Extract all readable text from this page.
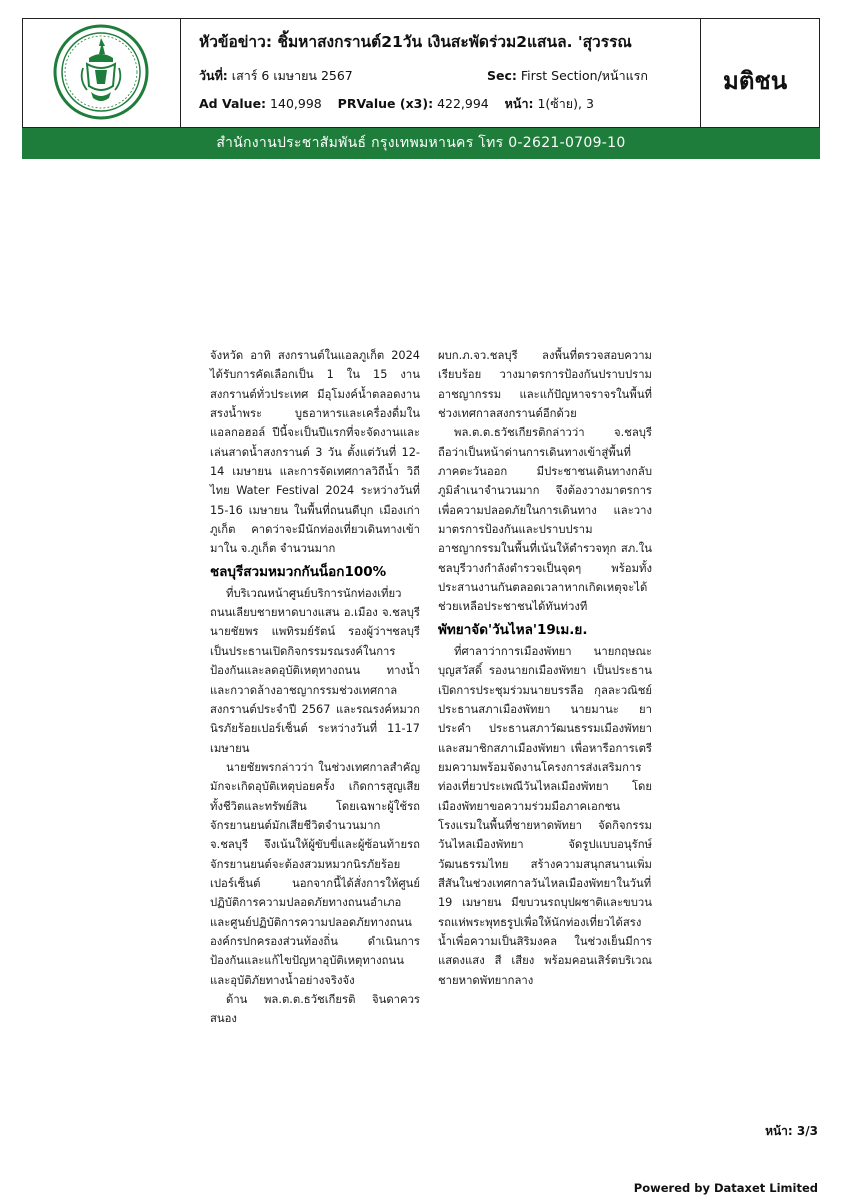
หัวข้อข่าว: ชิ้มหาสงกรานต์21วัน เงินสะพัดร่วม2แสนล. 'สุวรรณ
วันที่: เสาร์ 6 เมษายน 2567	Sec: First Section/หน้าแรก
Ad Value: 140,998 PRValue (x3): 422,994 หน้า: 1(ซ้าย), 3
มติชน
สำนักงานประชาสัมพันธ์ กรุงเทพมหานคร โทร 0-2621-0709-10

จังหวัด อาทิ สงกรานต์ในแอลภูเก็ต 2024 ได้รับการคัดเลือกเป็น 1 ใน 15 งานสงกรานต์ทั่วประเทศ มีอุโมงค์น้ำตลอดงาน สรงน้ำพระ บูธอาหารและเครื่องดื่มในแอลกอฮอล์ ปีนี้จะเป็นปีแรกที่จะจัดงานและเล่นสาดน้ำสงกรานต์ 3 วัน ตั้งแต่วันที่ 12-14 เมษายน และการจัดเทศกาลวิถีน้ำ วิถีไทย Water Festival 2024 ระหว่างวันที่ 15-16 เมษายน ในพื้นที่ถนนดีบุก เมืองเก่าภูเก็ต คาดว่าจะมีนักท่องเที่ยวเดินทางเข้ามาใน จ.ภูเก็ต จำนวนมาก

ชลบุรีสวมหมวกกันน็อก100%

ที่บริเวณหน้าศูนย์บริการนักท่องเที่ยว ถนนเลียบชายหาดบางแสน อ.เมือง จ.ชลบุรี นายชัยพร แพทิรมย์รัตน์ รองผู้ว่าฯชลบุรี เป็นประธานเปิดกิจกรรมรณรงค์ในการป้องกันและลดอุบัติเหตุทางถนน ทางน้ำ และกวาดล้างอาชญากรรมช่วงเทศกาลสงกรานต์ประจำปี 2567 และรณรงค์หมวกนิรภัยร้อยเปอร์เซ็นต์ ระหว่างวันที่ 11-17 เมษายน

นายชัยพรกล่าวว่า ในช่วงเทศกาลสำคัญมักจะเกิดอุบัติเหตุบ่อยครั้ง เกิดการสูญเสียทั้งชีวิตและทรัพย์สิน โดยเฉพาะผู้ใช้รถจักรยานยนต์มักเสียชีวิตจำนวนมาก จ.ชลบุรี จึงเน้นให้ผู้ขับขี่และผู้ซ้อนท้ายรถจักรยานยนต์จะต้องสวมหมวกนิรภัยร้อยเปอร์เซ็นต์ นอกจากนี้ได้สั่งการให้ศูนย์ปฏิบัติการความปลอดภัยทางถนนอำเภอ และศูนย์ปฏิบัติการความปลอดภัยทางถนนองค์กรปกครองส่วนท้องถิ่น ดำเนินการป้องกันและแก้ไขปัญหาอุบัติเหตุทางถนนและอุบัติภัยทางน้ำอย่างจริงจัง

ด้าน พล.ต.ต.ธวัชเกียรติ จินดาควรสนอง

ผบก.ภ.จว.ชลบุรี ลงพื้นที่ตรวจสอบความเรียบร้อย วางมาตรการป้องกันปราบปรามอาชญากรรม และแก้ปัญหาจราจรในพื้นที่ช่วงเทศกาลสงกรานต์อีกด้วย

พล.ต.ต.ธวัชเกียรติกล่าวว่า จ.ชลบุรี ถือว่าเป็นหน้าด่านการเดินทางเข้าสู่พื้นที่ภาคตะวันออก มีประชาชนเดินทางกลับภูมิลำเนาจำนวนมาก จึงต้องวางมาตรการเพื่อความปลอดภัยในการเดินทาง และวางมาตรการป้องกันและปราบปรามอาชญากรรมในพื้นที่เน้นให้ตำรวจทุก สภ.ในชลบุรีวางกำลังตำรวจเป็นจุดๆ พร้อมทั้งประสานงานกันตลอดเวลาหากเกิดเหตุจะได้ช่วยเหลือประชาชนได้ทันท่วงที

พัทยาจัด'วันไหล'19เม.ย.

ที่ศาลาว่าการเมืองพัทยา นายกฤษณะ บุญสวัสดิ์ รองนายกเมืองพัทยา เป็นประธานเปิดการประชุมร่วมนายบรรลือ กุลละวณิชย์ ประธานสภาเมืองพัทยา นายมานะ ยาประคำ ประธานสภาวัฒนธรรมเมืองพัทยา และสมาชิกสภาเมืองพัทยา เพื่อหารือการเตรียมความพร้อมจัดงานโครงการส่งเสริมการท่องเที่ยวประเพณีวันไหลเมืองพัทยา โดยเมืองพัทยาขอความร่วมมือภาคเอกชนโรงแรมในพื้นที่ชายหาดพัทยา จัดกิจกรรมวันไหลเมืองพัทยา จัดรูปแบบอนุรักษ์วัฒนธรรมไทย สร้างความสนุกสนานเพิ่มสีสันในช่วงเทศกาลวันไหลเมืองพัทยาในวันที่ 19 เมษายน มีขบวนรถบุปผชาติและขบวนรถแห่พระพุทธรูปเพื่อให้นักท่องเที่ยวได้สรงน้ำเพื่อความเป็นสิริมงคล ในช่วงเย็นมีการแสดงแสง สี เสียง พร้อมคอนเสิร์ตบริเวณชายหาดพัทยากลาง

หน้า: 3/3
Powered by Dataxet Limited
